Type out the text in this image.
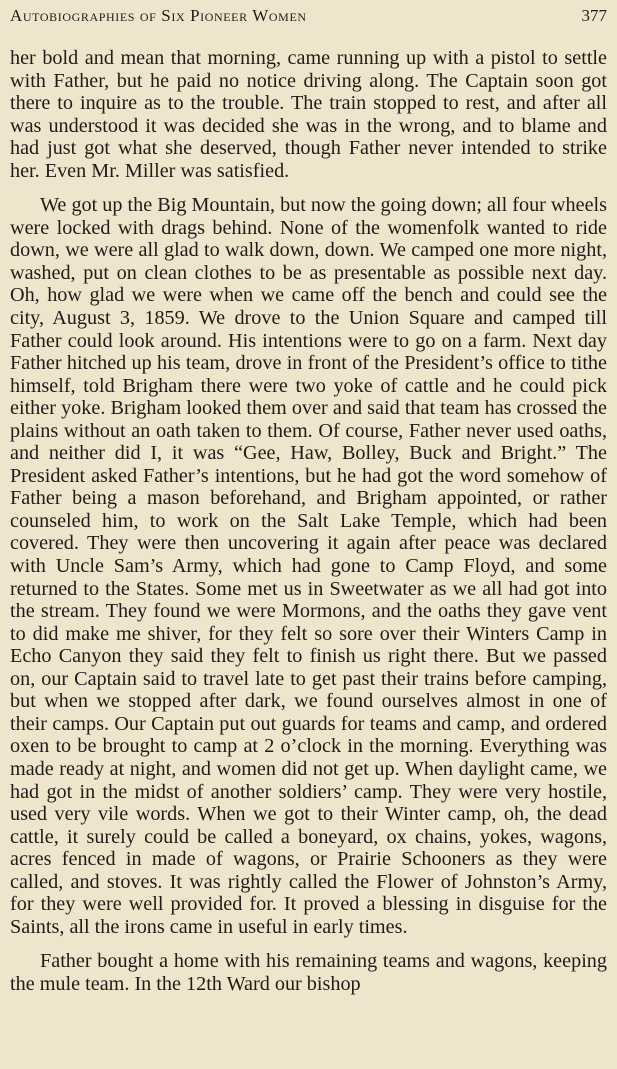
Autobiographies of Six Pioneer Women	377

her bold and mean that morning, came running up with a pistol to settle with Father, but he paid no notice driving along. The Captain soon got there to inquire as to the trouble. The train stopped to rest, and after all was understood it was decided she was in the wrong, and to blame and had just got what she deserved, though Father never intended to strike her. Even Mr. Miller was satisfied.

We got up the Big Mountain, but now the going down; all four wheels were locked with drags behind. None of the womenfolk wanted to ride down, we were all glad to walk down, down. We camped one more night, washed, put on clean clothes to be as presentable as possible next day. Oh, how glad we were when we came off the bench and could see the city, August 3, 1859. We drove to the Union Square and camped till Father could look around. His intentions were to go on a farm. Next day Father hitched up his team, drove in front of the President’s office to tithe himself, told Brigham there were two yoke of cattle and he could pick either yoke. Brigham looked them over and said that team has crossed the plains without an oath taken to them. Of course, Father never used oaths, and neither did I, it was “Gee, Haw, Bolley, Buck and Bright.” The President asked Father’s intentions, but he had got the word somehow of Father being a mason beforehand, and Brigham appointed, or rather counseled him, to work on the Salt Lake Temple, which had been covered. They were then uncovering it again after peace was declared with Uncle Sam’s Army, which had gone to Camp Floyd, and some returned to the States. Some met us in Sweetwater as we all had got into the stream. They found we were Mormons, and the oaths they gave vent to did make me shiver, for they felt so sore over their Winters Camp in Echo Canyon they said they felt to finish us right there. But we passed on, our Captain said to travel late to get past their trains before camping, but when we stopped after dark, we found ourselves almost in one of their camps. Our Captain put out guards for teams and camp, and ordered oxen to be brought to camp at 2 o’clock in the morning. Everything was made ready at night, and women did not get up. When daylight came, we had got in the midst of another soldiers’ camp. They were very hostile, used very vile words. When we got to their Winter camp, oh, the dead cattle, it surely could be called a boneyard, ox chains, yokes, wagons, acres fenced in made of wagons, or Prairie Schooners as they were called, and stoves. It was rightly called the Flower of Johnston’s Army, for they were well provided for. It proved a blessing in disguise for the Saints, all the irons came in useful in early times.

Father bought a home with his remaining teams and wagons, keeping the mule team. In the 12th Ward our bishop
